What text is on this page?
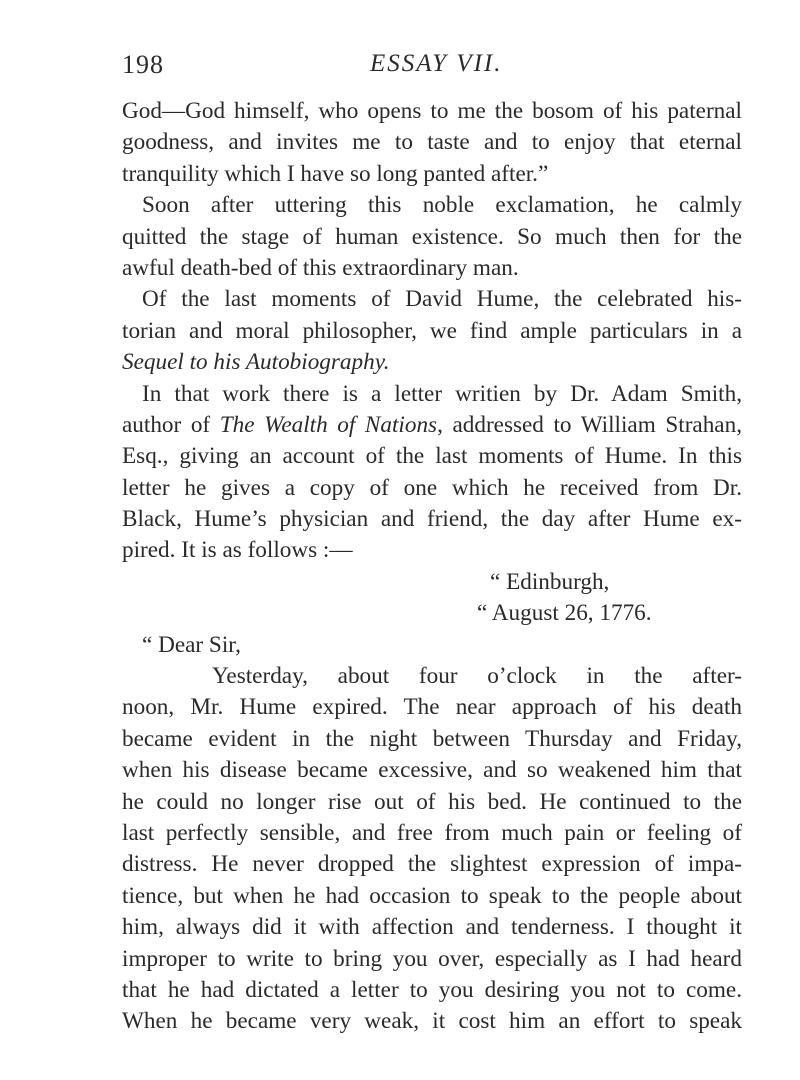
198	ESSAY VII.
God—God himself, who opens to me the bosom of his paternal
goodness, and invites me to taste and to enjoy that eternal
tranquility which I have so long panted after.”
Soon after uttering this noble exclamation, he calmly
quitted the stage of human existence. So much then for the
awful death-bed of this extraordinary man.
Of the last moments of David Hume, the celebrated his-
torian and moral philosopher, we find ample particulars in a
Sequel to his Autobiography.
In that work there is a letter writien by Dr. Adam Smith,
author of The Wealth of Nations, addressed to William Strahan,
Esq., giving an account of the last moments of Hume. In this
letter he gives a copy of one which he received from Dr.
Black, Hume’s physician and friend, the day after Hume ex-
pired. It is as follows :—
“ Edinburgh,
“ August 26, 1776.
“ Dear Sir,
Yesterday, about four o’clock in the after-
noon, Mr. Hume expired. The near approach of his death
became evident in the night between Thursday and Friday,
when his disease became excessive, and so weakened him that
he could no longer rise out of his bed. He continued to the
last perfectly sensible, and free from much pain or feeling of
distress. He never dropped the slightest expression of impa-
tience, but when he had occasion to speak to the people about
him, always did it with affection and tenderness. I thought it
improper to write to bring you over, especially as I had heard
that he had dictated a letter to you desiring you not to come.
When he became very weak, it cost him an effort to speak
